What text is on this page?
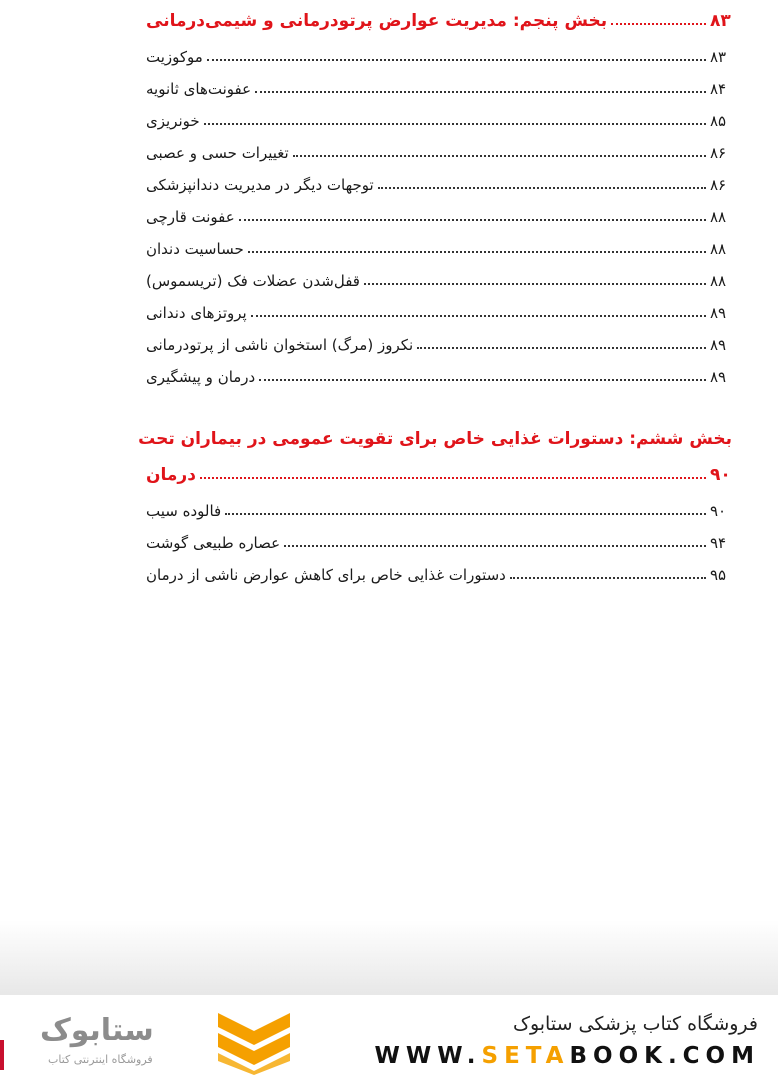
بخش پنجم: مدیریت عوارض پرتودرمانی و شیمی‌درمانی	۸۳
موکوزیت	۸۳
عفونت‌های ثانویه	۸۴
خونریزی	۸۵
تغییرات حسی و عصبی	۸۶
توجهات دیگر در مدیریت دندانپزشکی	۸۶
عفونت قارچی	۸۸
حساسیت دندان	۸۸
قفل‌شدن عضلات فک (تریسموس)	۸۸
پروتزهای دندانی	۸۹
نکروز (مرگ) استخوان ناشی از پرتودرمانی	۸۹
درمان و پیشگیری	۸۹
بخش ششم: دستورات غذایی خاص برای تقویت عمومی در بیماران تحت
درمان	۹۰
فالوده سیب	۹۰
عصاره طبیعی گوشت	۹۴
دستورات غذایی خاص برای کاهش عوارض ناشی از درمان	۹۵
ستابوک
فروشگاه اینترنتی کتاب
فروشگاه کتاب پزشکی ستابوک
WWW.SETABOOK.COM
